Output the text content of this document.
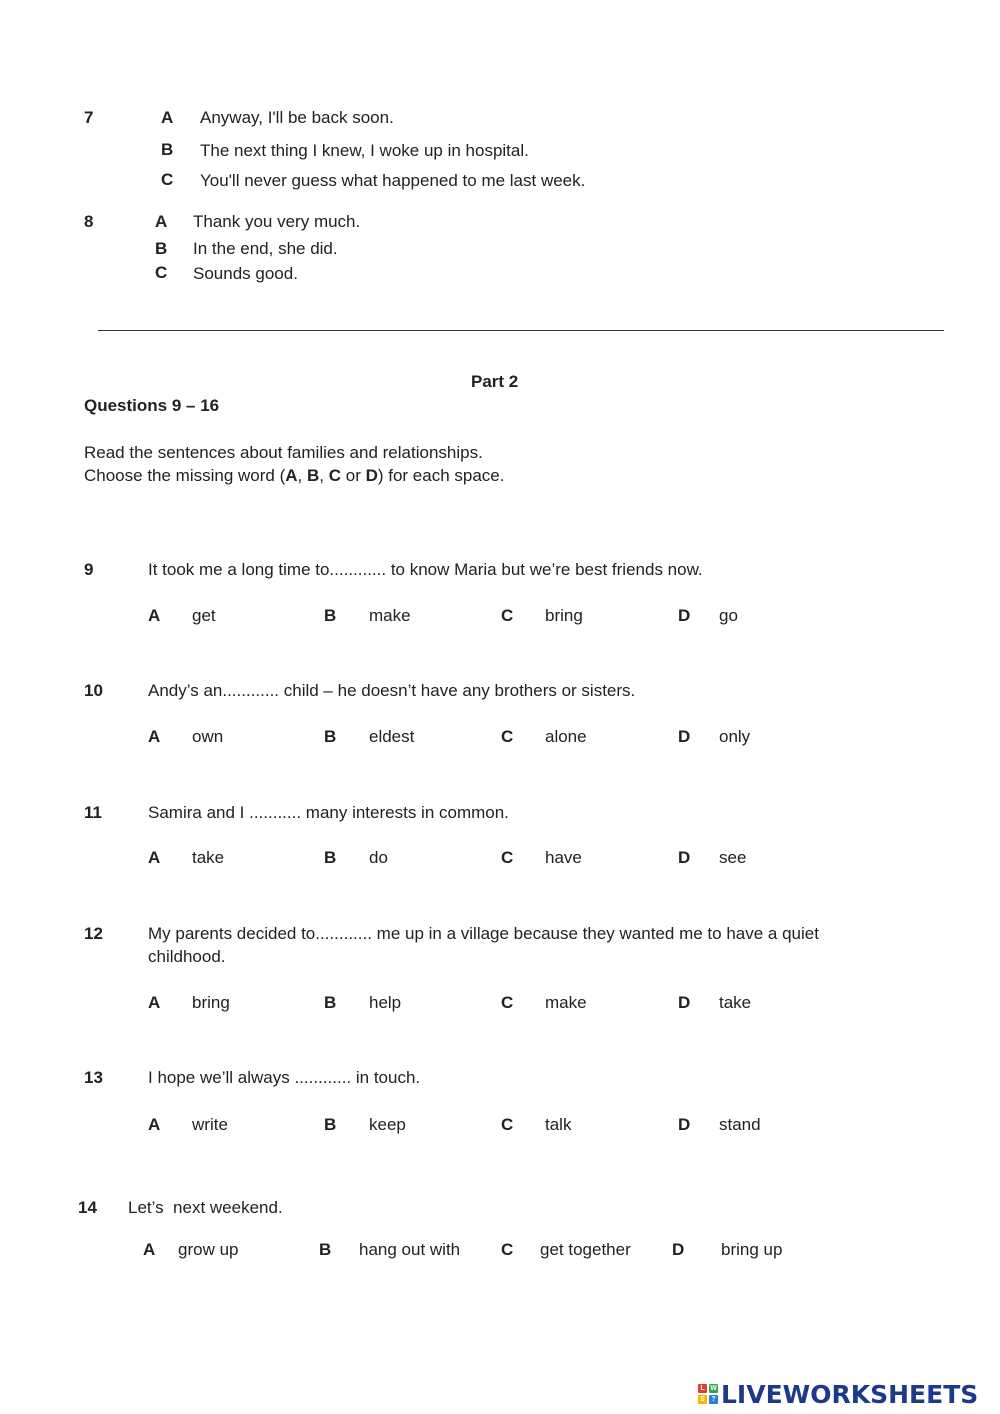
7	A Anyway, I'll be back soon.
B The next thing I knew, I woke up in hospital.
C You'll never guess what happened to me last week.
8	A Thank you very much.
B In the end, she did.
C Sounds good.
Part 2
Questions 9 – 16
Read the sentences about families and relationships.
Choose the missing word (A, B, C or D) for each space.
9	It took me a long time to............ to know Maria but we’re best friends now.
A get	B make	C bring	D go
10	Andy’s an............ child – he doesn’t have any brothers or sisters.
A own	B eldest	C alone	D only
11	Samira and I ........... many interests in common.
A take	B do	C have	D see
12	My parents decided to............ me up in a village because they wanted me to have a quiet
childhood.
A bring	B help	C make	D take
13	I hope we’ll always ............ in touch.
A write	B keep	C talk	D stand
14 Let’s  next weekend.
A grow up	B hang out with C get together D bring up
L W
S ? LIVEWORKSHEETS
